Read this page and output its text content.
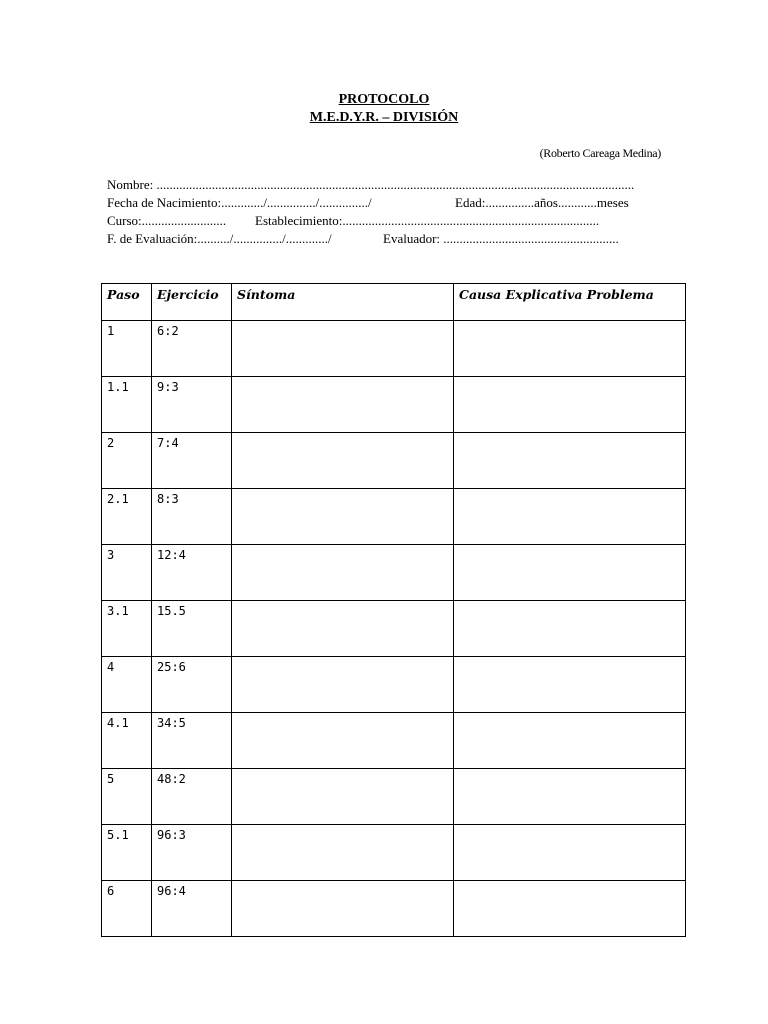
PROTOCOLO
M.E.D.Y.R. – DIVISIÓN
(Roberto Careaga Medina)
Nombre: ...................................................................................................................................................
Fecha de Nacimiento:............./.............../.............../	Edad:...............años............meses
Curso:..........................	Establecimiento:...............................................................................
F. de Evaluación:........../.............../............./	Evaluador: ......................................................
Paso	Ejercicio	Síntoma	Causa Explicativa Problema
1	6:2		
1.1	9:3		
2	7:4		
2.1	8:3		
3	12:4		
3.1	15.5		
4	25:6		
4.1	34:5		
5	48:2		
5.1	96:3		
6	96:4		
